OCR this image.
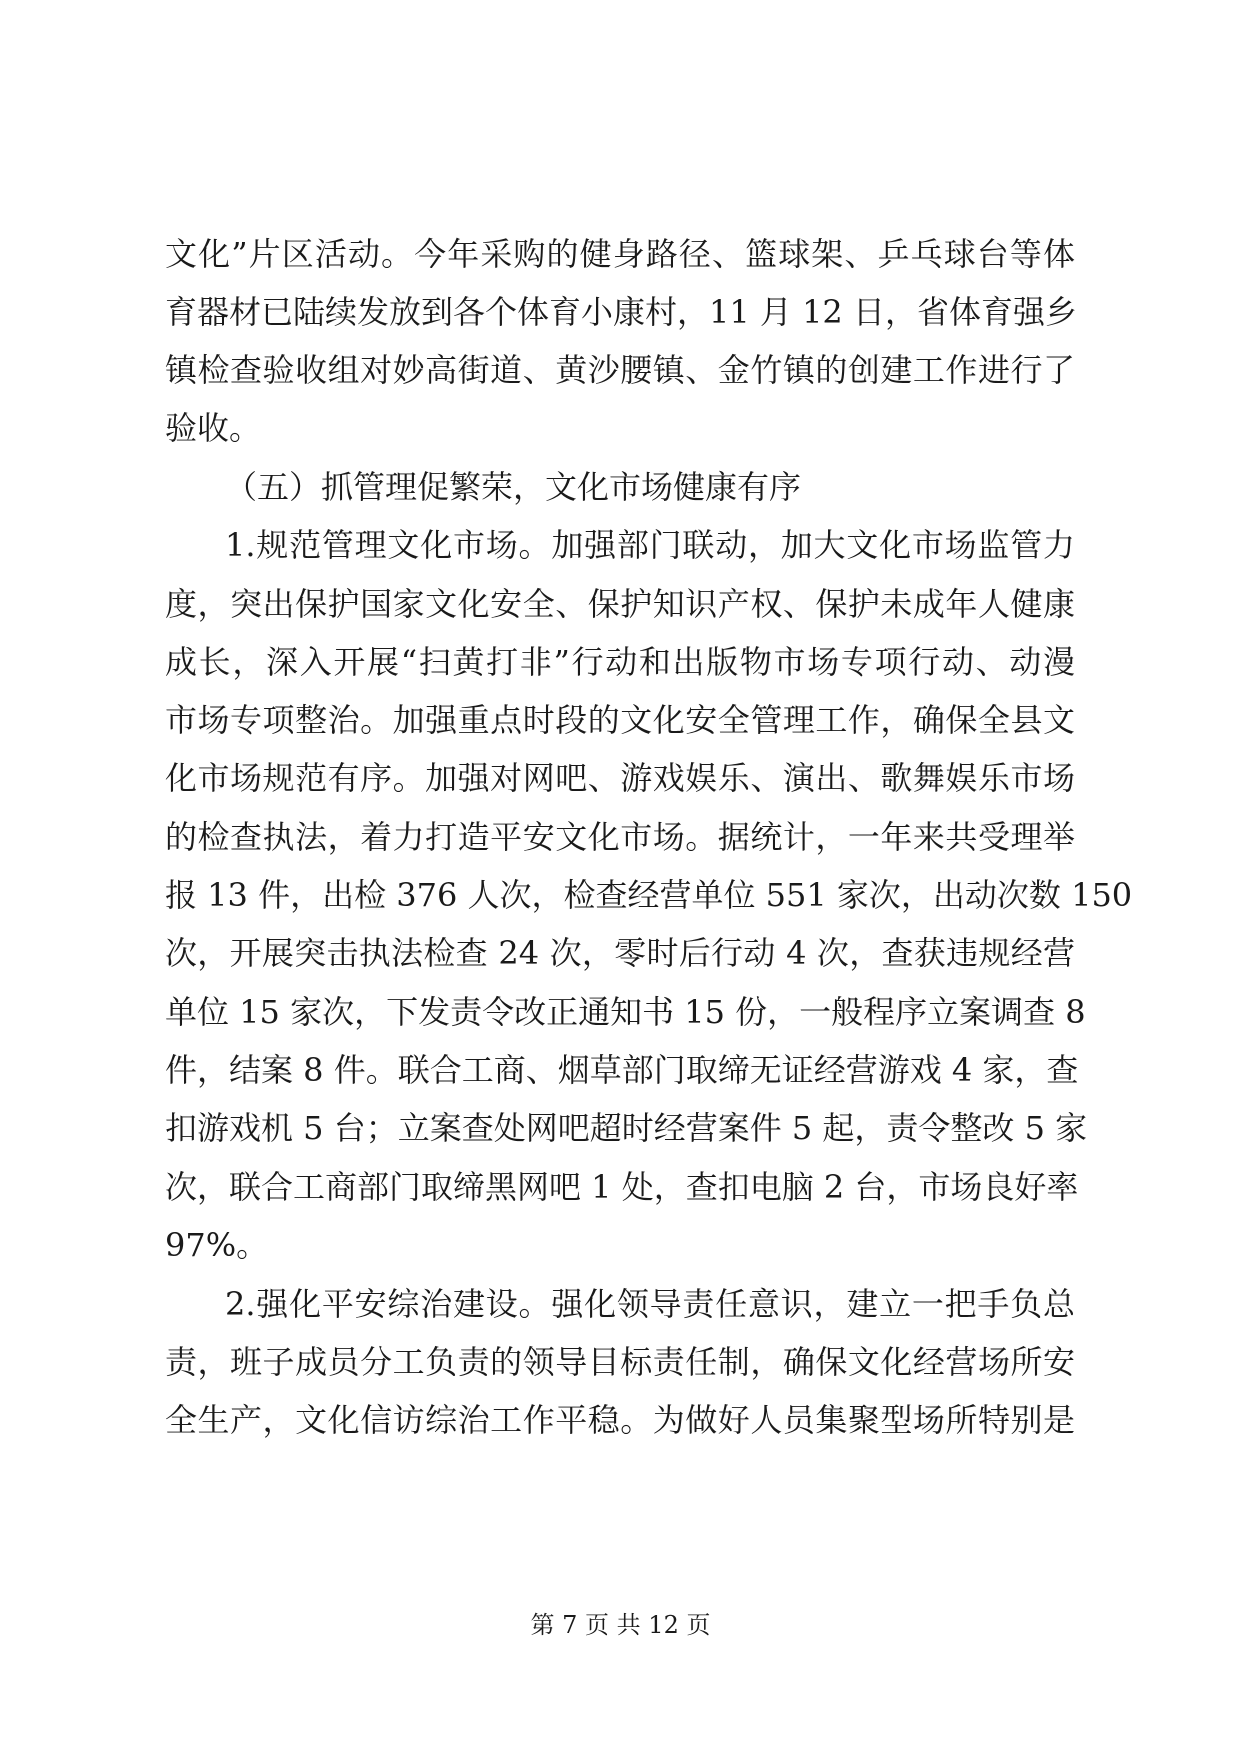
文化”片区活动。今年采购的健身路径、篮球架、乒乓球台等体
育器材已陆续发放到各个体育小康村，11 月 12 日，省体育强乡
镇检查验收组对妙高街道、黄沙腰镇、金竹镇的创建工作进行了
验收。
（五）抓管理促繁荣，文化市场健康有序
1.规范管理文化市场。加强部门联动，加大文化市场监管力
度，突出保护国家文化安全、保护知识产权、保护未成年人健康
成长，深入开展“扫黄打非”行动和出版物市场专项行动、动漫
市场专项整治。加强重点时段的文化安全管理工作，确保全县文
化市场规范有序。加强对网吧、游戏娱乐、演出、歌舞娱乐市场
的检查执法，着力打造平安文化市场。据统计，一年来共受理举
报 13 件，出检 376 人次，检查经营单位 551 家次，出动次数 150
次，开展突击执法检查 24 次，零时后行动 4 次，查获违规经营
单位 15 家次，下发责令改正通知书 15 份，一般程序立案调查 8
件，结案 8 件。联合工商、烟草部门取缔无证经营游戏 4 家，查
扣游戏机 5 台；立案查处网吧超时经营案件 5 起，责令整改 5 家
次，联合工商部门取缔黑网吧 1 处，查扣电脑 2 台，市场良好率
97%。
2.强化平安综治建设。强化领导责任意识，建立一把手负总
责，班子成员分工负责的领导目标责任制，确保文化经营场所安
全生产，文化信访综治工作平稳。为做好人员集聚型场所特别是
第 7 页 共 12 页
